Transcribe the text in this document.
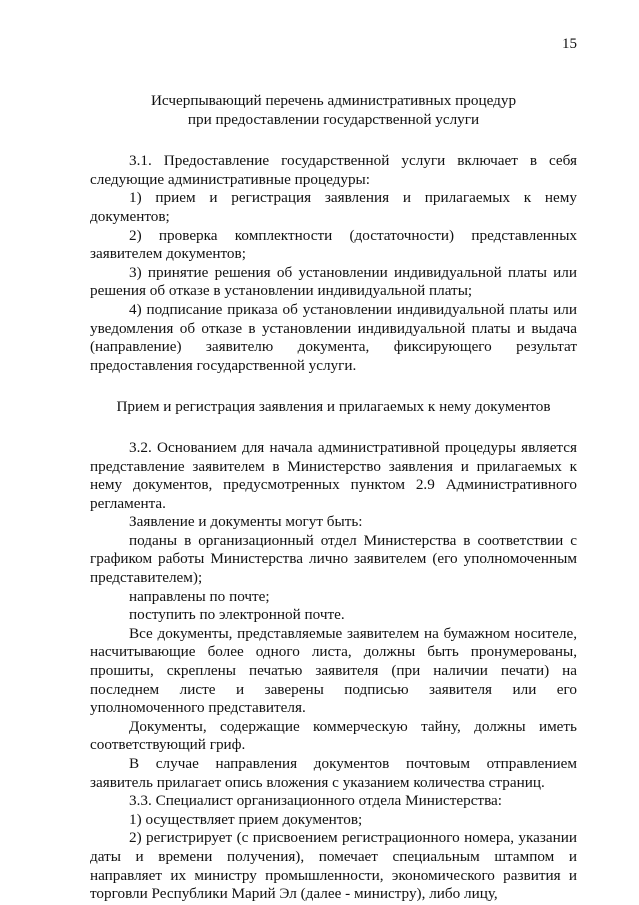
15
Исчерпывающий перечень административных процедур
при предоставлении государственной услуги

3.1. Предоставление государственной услуги включает в себя следующие административные процедуры:

1) прием и регистрация заявления и прилагаемых к нему документов;

2) проверка комплектности (достаточности) представленных заявителем документов;

3) принятие решения об установлении индивидуальной платы или решения об отказе в установлении индивидуальной платы;

4) подписание приказа об установлении индивидуальной платы или уведомления об отказе в установлении индивидуальной платы и выдача (направление) заявителю документа, фиксирующего результат предоставления государственной услуги.

Прием и регистрация заявления и прилагаемых к нему документов

3.2. Основанием для начала административной процедуры является представление заявителем в Министерство заявления и прилагаемых к нему документов, предусмотренных пунктом 2.9 Административного регламента.

Заявление и документы могут быть:

поданы в организационный отдел Министерства в соответствии с графиком работы Министерства лично заявителем (его уполномоченным представителем);

направлены по почте;

поступить по электронной почте.

Все документы, представляемые заявителем на бумажном носителе, насчитывающие более одного листа, должны быть пронумерованы, прошиты, скреплены печатью заявителя (при наличии печати) на последнем листе и заверены подписью заявителя или его уполномоченного представителя.

Документы, содержащие коммерческую тайну, должны иметь соответствующий гриф.

В случае направления документов почтовым отправлением заявитель прилагает опись вложения с указанием количества страниц.

3.3. Специалист организационного отдела Министерства:

1) осуществляет прием документов;

2) регистрирует (с присвоением регистрационного номера, указании даты и времени получения), помечает специальным штампом и направляет их министру промышленности, экономического развития и торговли Республики Марий Эл (далее - министру), либо лицу,
